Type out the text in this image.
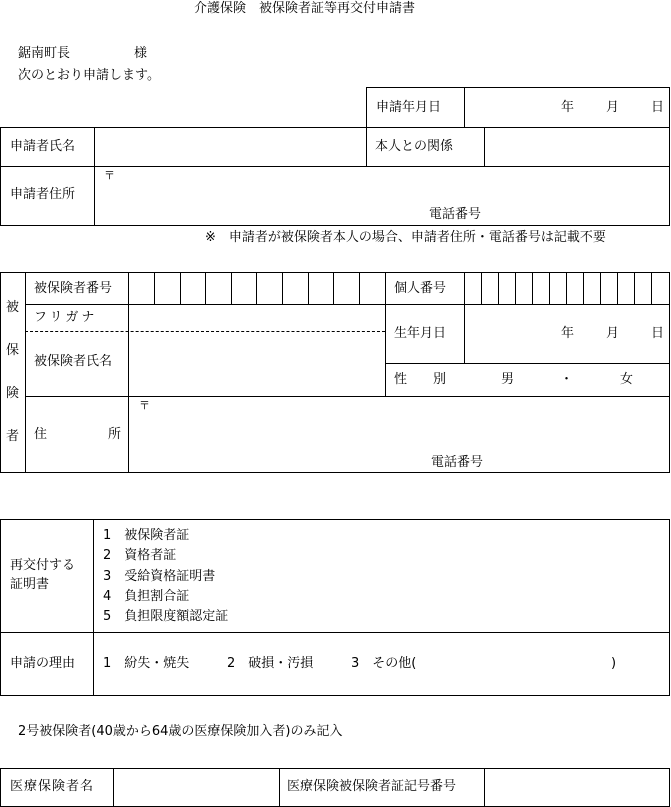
介護保険　被保険者証等再交付申請書
鋸南町長	様
次のとおり申請します。
申請年月日	年 月 日
申請者氏名	本人との関係
申請者住所
〒
電話番号
※　申請者が被保険者本人の場合、申請者住所・電話番号は記載不要
被
保
険
者
被保険者番号	個人番号
フリガナ
被保険者氏名
生年月日	年 月 日
性　　別	男	・	女
住	所
〒
電話番号
再交付する
証明書
1　被保険者証
2　資格者証
3　受給資格証明書
4　負担割合証
5　負担限度額認定証
申請の理由 1　紛失・焼失	2　破損・汚損	3　その他(	)
2号被保険者(40歳から64歳の医療保険加入者)のみ記入
医療保険者名	医療保険被保険者証記号番号
